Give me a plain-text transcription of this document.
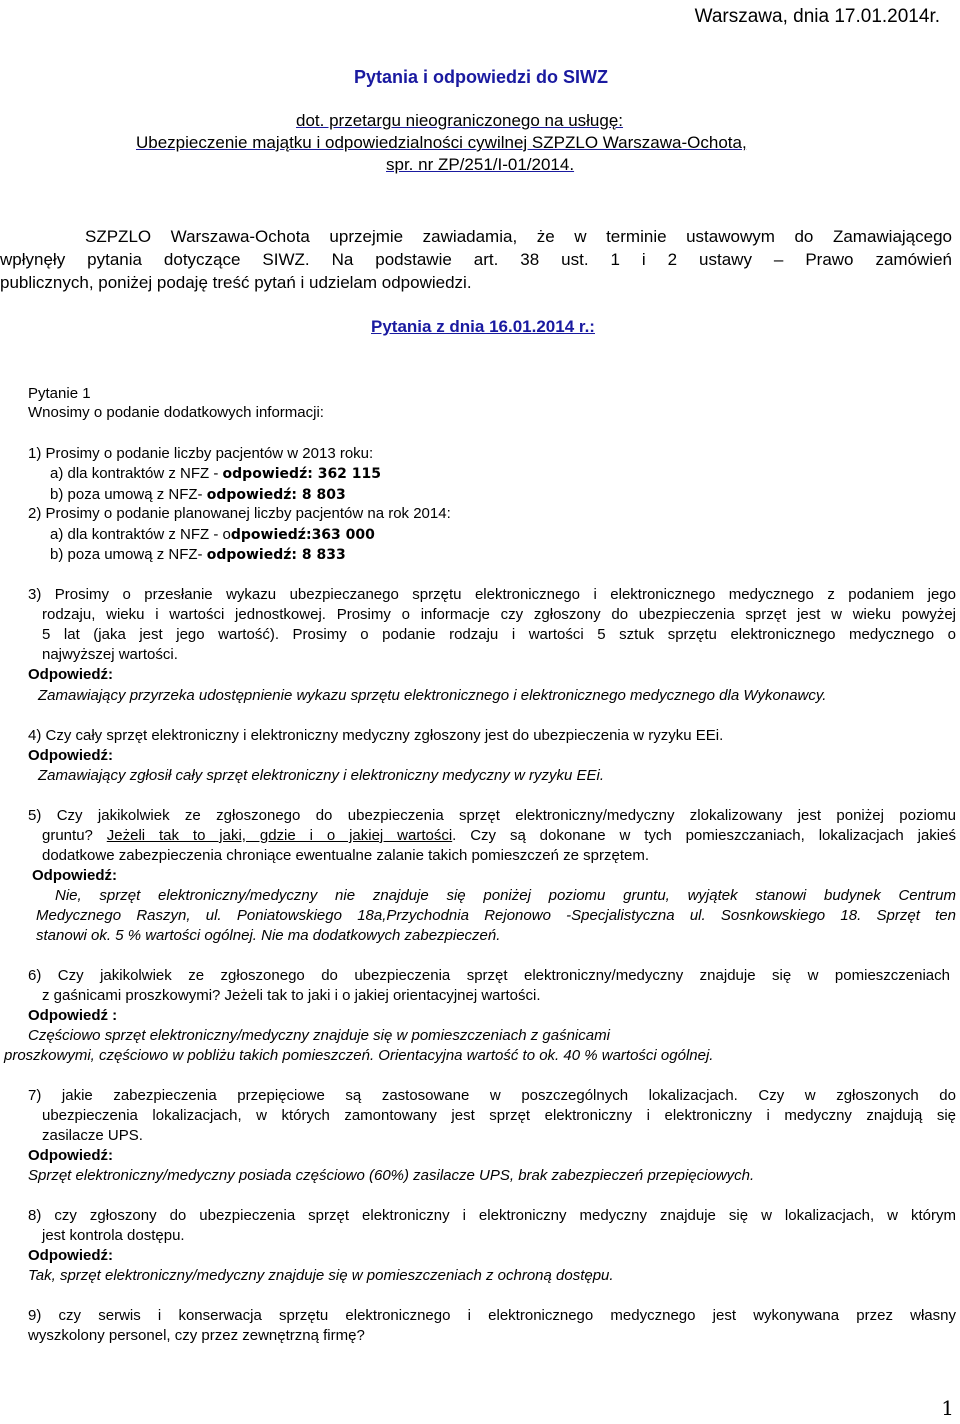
Warszawa, dnia 17.01.2014r.
Pytania i odpowiedzi do SIWZ
dot. przetargu nieograniczonego na usługę:
Ubezpieczenie majątku i odpowiedzialności cywilnej SZPZLO Warszawa-Ochota,
spr. nr ZP/251/I-01/2014.
SZPZLO Warszawa-Ochota uprzejmie zawiadamia, że w terminie ustawowym do Zamawiającego
wpłynęły pytania dotyczące SIWZ. Na podstawie art. 38 ust. 1 i 2 ustawy – Prawo zamówień
publicznych, poniżej podaję treść pytań i udzielam odpowiedzi.
Pytania z dnia 16.01.2014 r.:
Pytanie 1
Wnosimy o podanie dodatkowych informacji:
1) Prosimy o podanie liczby pacjentów w 2013 roku:
a) dla kontraktów z NFZ - odpowiedź: 362 115
b) poza umową z NFZ- odpowiedź: 8 803
2) Prosimy o podanie planowanej liczby pacjentów na rok 2014:
a) dla kontraktów z NFZ - odpowiedź:363 000
b) poza umową z NFZ- odpowiedź: 8 833
3) Prosimy o przesłanie wykazu ubezpieczanego sprzętu elektronicznego i elektronicznego medycznego z podaniem jego
rodzaju, wieku i wartości jednostkowej. Prosimy o informacje czy zgłoszony do ubezpieczenia sprzęt jest w wieku powyżej
5 lat (jaka jest jego wartość). Prosimy o podanie rodzaju i wartości 5 sztuk sprzętu elektronicznego medycznego o
najwyższej wartości.
Odpowiedź:
Zamawiający przyrzeka udostępnienie wykazu sprzętu elektronicznego i elektronicznego medycznego dla Wykonawcy.
4) Czy cały sprzęt elektroniczny i elektroniczny medyczny zgłoszony jest do ubezpieczenia w ryzyku EEi.
Odpowiedź:
Zamawiający zgłosił cały sprzęt elektroniczny i elektroniczny medyczny w ryzyku EEi.
5) Czy jakikolwiek ze zgłoszonego do ubezpieczenia sprzęt elektroniczny/medyczny zlokalizowany jest poniżej poziomu
gruntu? Jeżeli tak to jaki, gdzie i o jakiej wartości. Czy są dokonane w tych pomieszczaniach, lokalizacjach jakieś
dodatkowe zabezpieczenia chroniące ewentualne zalanie takich pomieszczeń ze sprzętem.
Odpowiedź:
Nie, sprzęt elektroniczny/medyczny nie znajduje się poniżej poziomu gruntu, wyjątek stanowi budynek Centrum
Medycznego Raszyn, ul. Poniatowskiego 18a,Przychodnia Rejonowo -Specjalistyczna ul. Sosnkowskiego 18. Sprzęt ten
stanowi ok. 5 % wartości ogólnej. Nie ma dodatkowych zabezpieczeń.
6) Czy jakikolwiek ze zgłoszonego do ubezpieczenia sprzęt elektroniczny/medyczny znajduje się w pomieszczeniach
z gaśnicami proszkowymi? Jeżeli tak to jaki i o jakiej orientacyjnej wartości.
Odpowiedź :
Częściowo sprzęt elektroniczny/medyczny znajduje się w pomieszczeniach z gaśnicami
proszkowymi, częściowo w pobliżu takich pomieszczeń. Orientacyjna wartość to ok. 40 % wartości ogólnej.
7) jakie zabezpieczenia przepięciowe są zastosowane w poszczególnych lokalizacjach. Czy w zgłoszonych do
ubezpieczenia lokalizacjach, w których zamontowany jest sprzęt elektroniczny i elektroniczny i medyczny znajdują się
zasilacze UPS.
Odpowiedź:
Sprzęt elektroniczny/medyczny posiada częściowo (60%) zasilacze UPS, brak zabezpieczeń przepięciowych.
8) czy zgłoszony do ubezpieczenia sprzęt elektroniczny i elektroniczny medyczny znajduje się w lokalizacjach, w którym
jest kontrola dostępu.
Odpowiedź:
Tak, sprzęt elektroniczny/medyczny znajduje się w pomieszczeniach z ochroną dostępu.
9) czy serwis i konserwacja sprzętu elektronicznego i elektronicznego medycznego jest wykonywana przez własny
wyszkolony personel, czy przez zewnętrzną firmę?
1
